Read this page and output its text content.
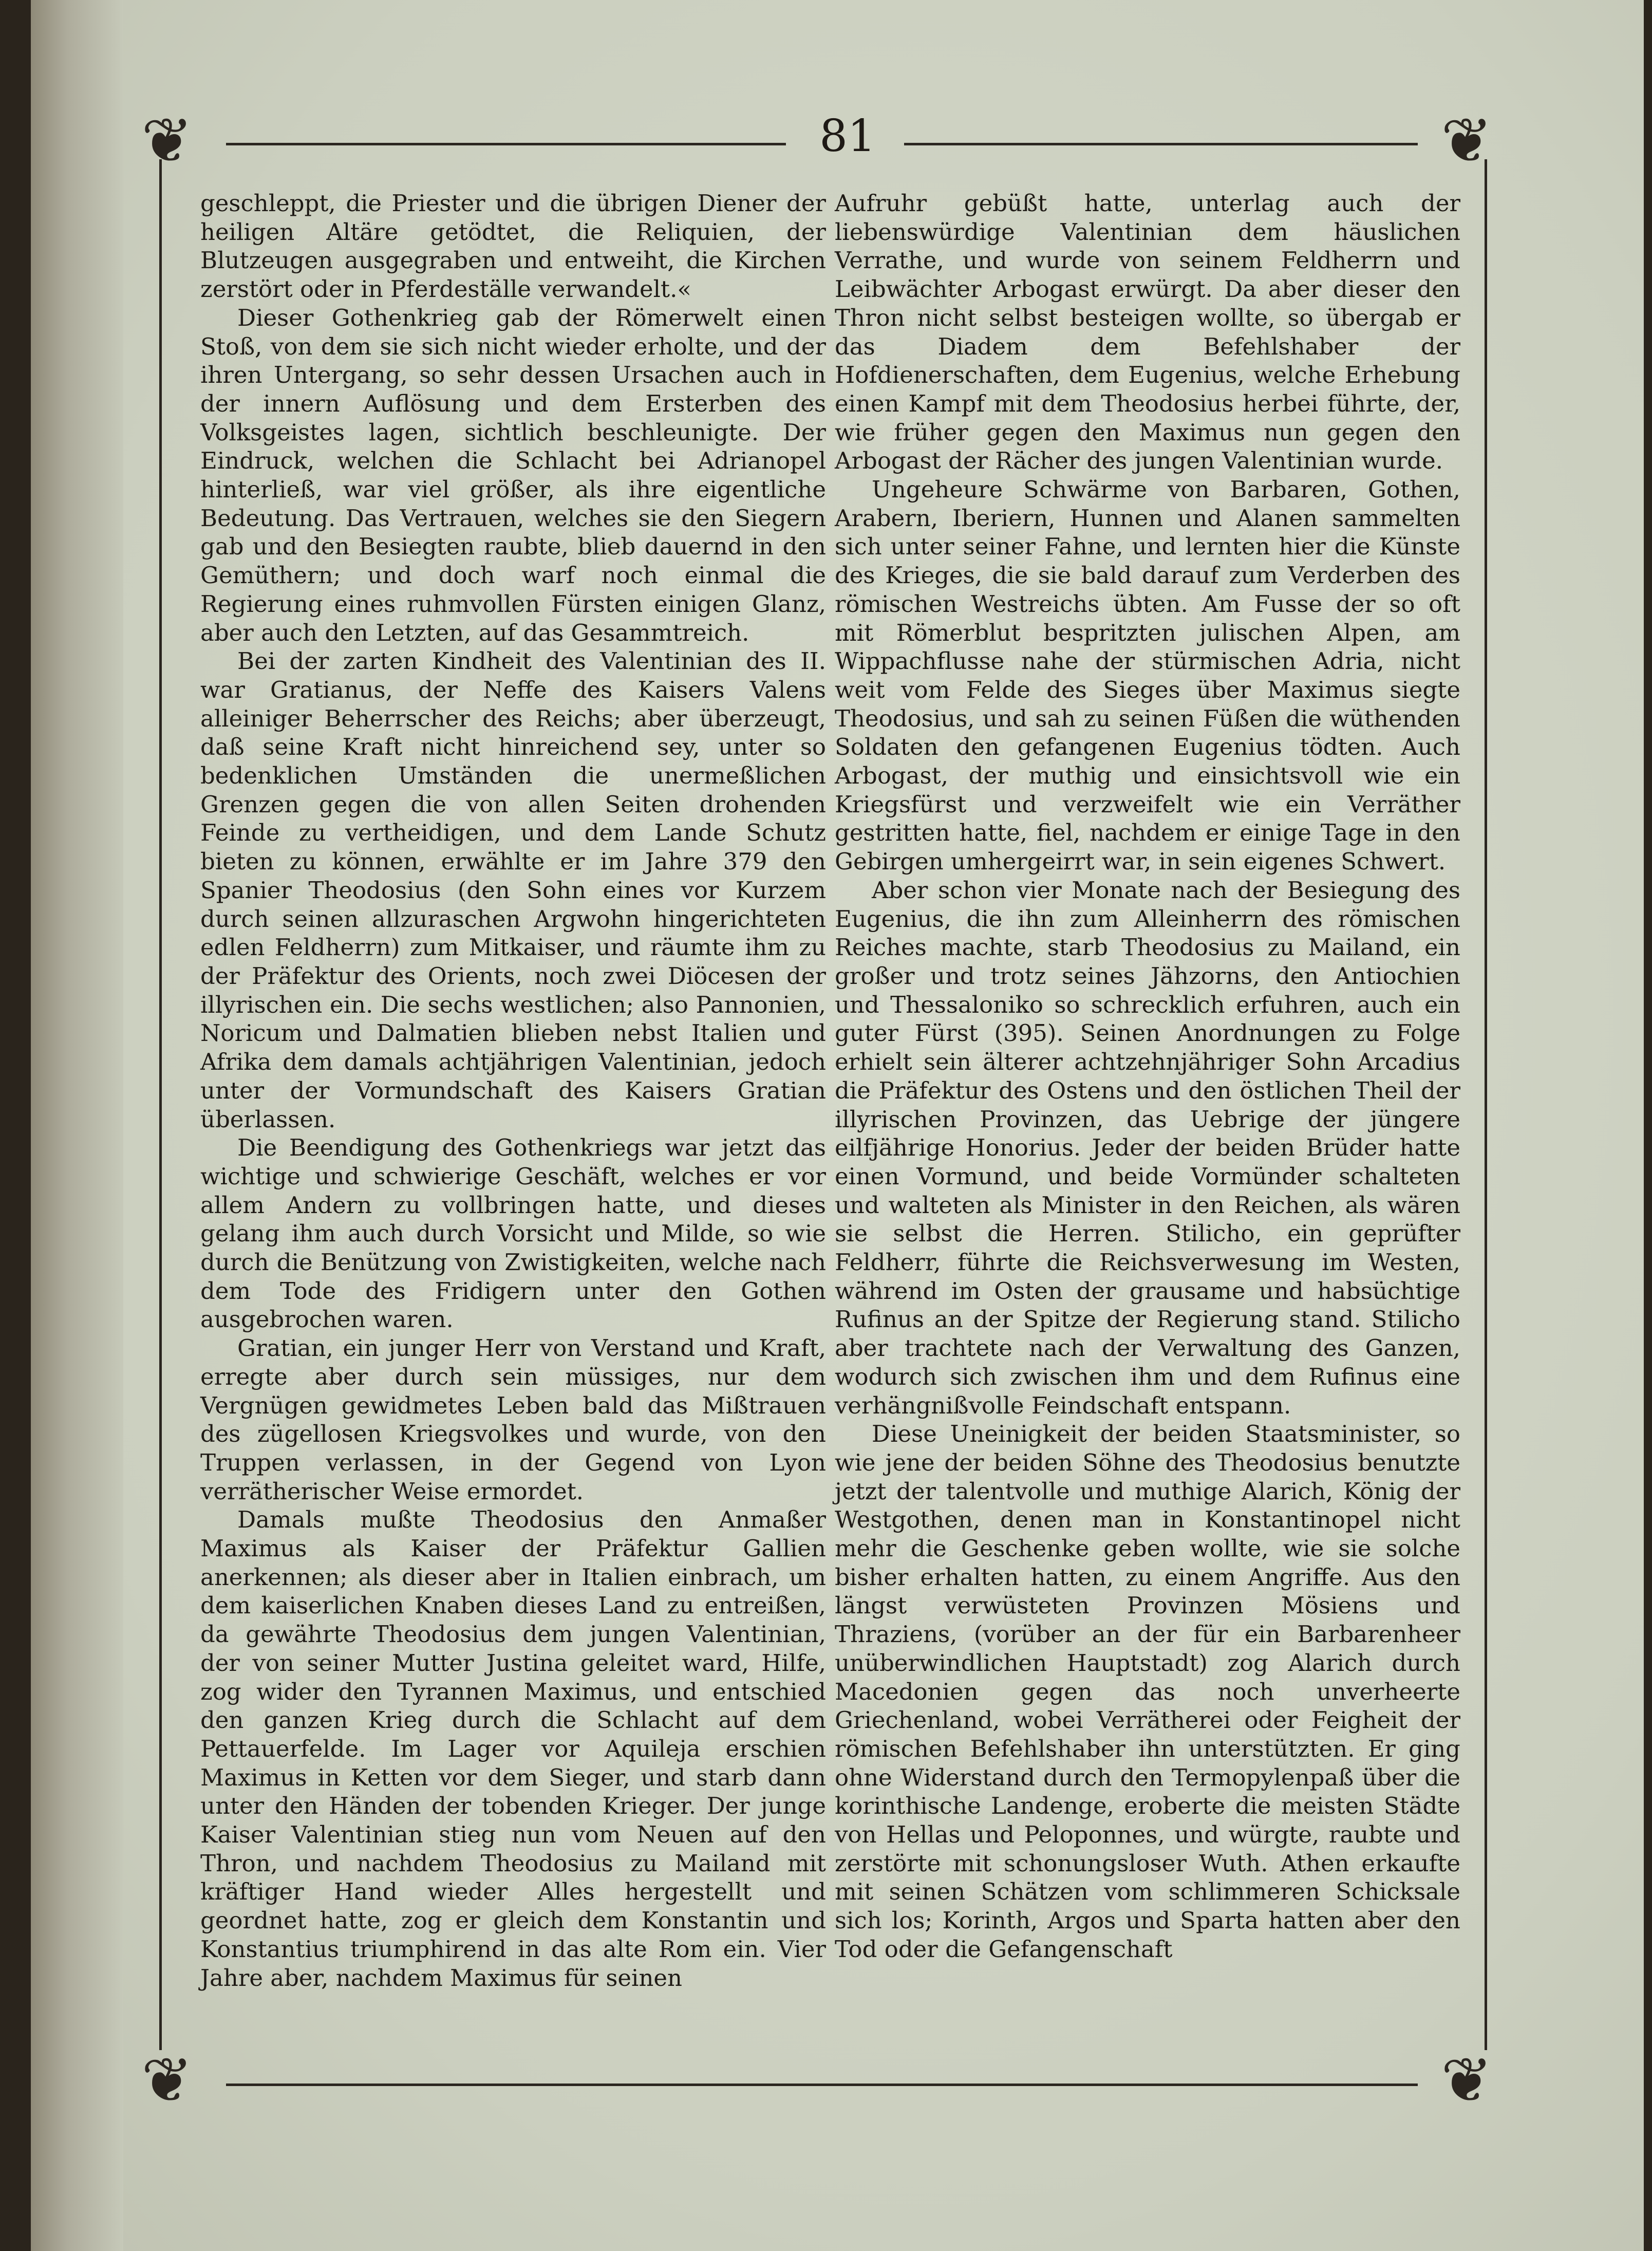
❦	❦
81
❦	❦

geschleppt, die Priester und die übrigen Diener der heiligen Altäre getödtet, die Reliquien, der Blutzeugen ausgegraben und entweiht, die Kirchen zerstört oder in Pferdeställe verwandelt.«

Dieser Gothenkrieg gab der Römerwelt einen Stoß, von dem sie sich nicht wieder erholte, und der ihren Untergang, so sehr dessen Ursachen auch in der innern Auflösung und dem Ersterben des Volksgeistes lagen, sichtlich beschleunigte. Der Eindruck, welchen die Schlacht bei Adrianopel hinterließ, war viel größer, als ihre eigentliche Bedeutung. Das Vertrauen, welches sie den Siegern gab und den Besiegten raubte, blieb dauernd in den Gemüthern; und doch warf noch einmal die Regierung eines ruhmvollen Fürsten einigen Glanz, aber auch den Letzten, auf das Gesammtreich.

Bei der zarten Kindheit des Valentinian des II. war Gratianus, der Neffe des Kaisers Valens alleiniger Beherrscher des Reichs; aber überzeugt, daß seine Kraft nicht hinreichend sey, unter so bedenklichen Umständen die unermeßlichen Grenzen gegen die von allen Seiten drohenden Feinde zu vertheidigen, und dem Lande Schutz bieten zu können, erwählte er im Jahre 379 den Spanier Theodosius (den Sohn eines vor Kurzem durch seinen allzuraschen Argwohn hingerichteten edlen Feldherrn) zum Mitkaiser, und räumte ihm zu der Präfektur des Orients, noch zwei Diöcesen der illyrischen ein. Die sechs westlichen; also Pannonien, Noricum und Dalmatien blieben nebst Italien und Afrika dem damals achtjährigen Valentinian, jedoch unter der Vormundschaft des Kaisers Gratian überlassen.

Die Beendigung des Gothenkriegs war jetzt das wichtige und schwierige Geschäft, welches er vor allem Andern zu vollbringen hatte, und dieses gelang ihm auch durch Vorsicht und Milde, so wie durch die Benützung von Zwistigkeiten, welche nach dem Tode des Fridigern unter den Gothen ausgebrochen waren.

Gratian, ein junger Herr von Verstand und Kraft, erregte aber durch sein müssiges, nur dem Vergnügen gewidmetes Leben bald das Mißtrauen des zügellosen Kriegsvolkes und wurde, von den Truppen verlassen, in der Gegend von Lyon verrätherischer Weise ermordet.

Damals mußte Theodosius den Anmaßer Maximus als Kaiser der Präfektur Gallien anerkennen; als dieser aber in Italien einbrach, um dem kaiserlichen Knaben dieses Land zu entreißen, da gewährte Theodosius dem jungen Valentinian, der von seiner Mutter Justina geleitet ward, Hilfe, zog wider den Tyrannen Maximus, und entschied den ganzen Krieg durch die Schlacht auf dem Pettauerfelde. Im Lager vor Aquileja erschien Maximus in Ketten vor dem Sieger, und starb dann unter den Händen der tobenden Krieger. Der junge Kaiser Valentinian stieg nun vom Neuen auf den Thron, und nachdem Theodosius zu Mailand mit kräftiger Hand wieder Alles hergestellt und geordnet hatte, zog er gleich dem Konstantin und Konstantius triumphirend in das alte Rom ein. Vier Jahre aber, nachdem Maximus für seinen

Aufruhr gebüßt hatte, unterlag auch der liebenswürdige Valentinian dem häuslichen Verrathe, und wurde von seinem Feldherrn und Leibwächter Arbogast erwürgt. Da aber dieser den Thron nicht selbst besteigen wollte, so übergab er das Diadem dem Befehlshaber der Hofdienerschaften, dem Eugenius, welche Erhebung einen Kampf mit dem Theodosius herbei führte, der, wie früher gegen den Maximus nun gegen den Arbogast der Rächer des jungen Valentinian wurde.

Ungeheure Schwärme von Barbaren, Gothen, Arabern, Iberiern, Hunnen und Alanen sammelten sich unter seiner Fahne, und lernten hier die Künste des Krieges, die sie bald darauf zum Verderben des römischen Westreichs übten. Am Fusse der so oft mit Römerblut bespritzten julischen Alpen, am Wippachflusse nahe der stürmischen Adria, nicht weit vom Felde des Sieges über Maximus siegte Theodosius, und sah zu seinen Füßen die wüthenden Soldaten den gefangenen Eugenius tödten. Auch Arbogast, der muthig und einsichtsvoll wie ein Kriegsfürst und verzweifelt wie ein Verräther gestritten hatte, fiel, nachdem er einige Tage in den Gebirgen umhergeirrt war, in sein eigenes Schwert.

Aber schon vier Monate nach der Besiegung des Eugenius, die ihn zum Alleinherrn des römischen Reiches machte, starb Theodosius zu Mailand, ein großer und trotz seines Jähzorns, den Antiochien und Thessaloniko so schrecklich erfuhren, auch ein guter Fürst (395). Seinen Anordnungen zu Folge erhielt sein älterer achtzehnjähriger Sohn Arcadius die Präfektur des Ostens und den östlichen Theil der illyrischen Provinzen, das Uebrige der jüngere eilfjährige Honorius. Jeder der beiden Brüder hatte einen Vormund, und beide Vormünder schalteten und walteten als Minister in den Reichen, als wären sie selbst die Herren. Stilicho, ein geprüfter Feldherr, führte die Reichsverwesung im Westen, während im Osten der grausame und habsüchtige Rufinus an der Spitze der Regierung stand. Stilicho aber trachtete nach der Verwaltung des Ganzen, wodurch sich zwischen ihm und dem Rufinus eine verhängnißvolle Feindschaft entspann.

Diese Uneinigkeit der beiden Staatsminister, so wie jene der beiden Söhne des Theodosius benutzte jetzt der talentvolle und muthige Alarich, König der Westgothen, denen man in Konstantinopel nicht mehr die Geschenke geben wollte, wie sie solche bisher erhalten hatten, zu einem Angriffe. Aus den längst verwüsteten Provinzen Mösiens und Thraziens, (vorüber an der für ein Barbarenheer unüberwindlichen Hauptstadt) zog Alarich durch Macedonien gegen das noch unverheerte Griechenland, wobei Verrätherei oder Feigheit der römischen Befehlshaber ihn unterstützten. Er ging ohne Widerstand durch den Termopylenpaß über die korinthische Landenge, eroberte die meisten Städte von Hellas und Peloponnes, und würgte, raubte und zerstörte mit schonungsloser Wuth. Athen erkaufte mit seinen Schätzen vom schlimmeren Schicksale sich los; Korinth, Argos und Sparta hatten aber den Tod oder die Gefangenschaft
